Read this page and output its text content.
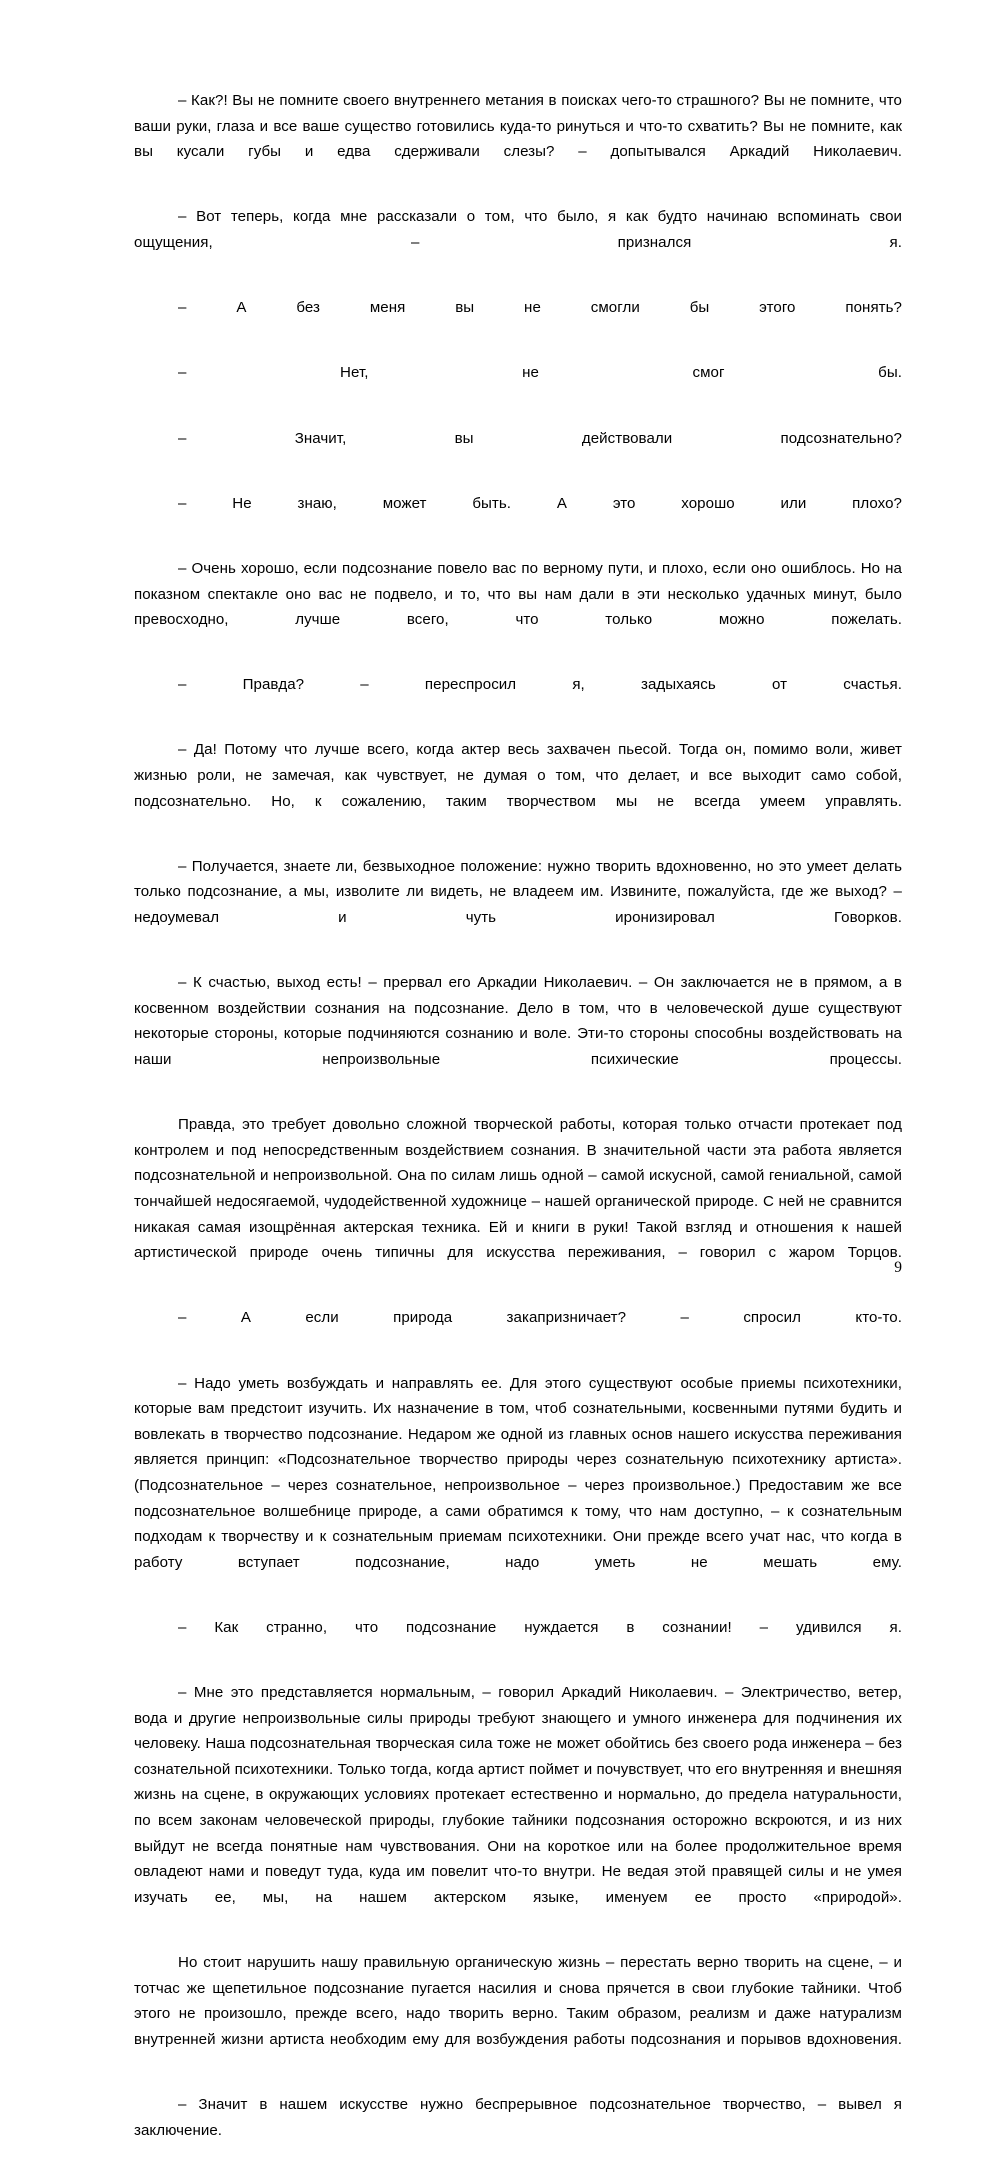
– Как?! Вы не помните своего внутреннего метания в поисках чего-то страшного? Вы не помните, что ваши руки, глаза и все ваше существо готовились куда-то ринуться и что-то схватить? Вы не помните, как вы кусали губы и едва сдерживали слезы? – допытывался Аркадий Николаевич.

– Вот теперь, когда мне рассказали о том, что было, я как будто начинаю вспоминать свои ощущения, – признался я.

– А без меня вы не смогли бы этого понять?

– Нет, не смог бы.

– Значит, вы действовали подсознательно?

– Не знаю, может быть. А это хорошо или плохо?

– Очень хорошо, если подсознание повело вас по верному пути, и плохо, если оно ошиблось. Но на показном спектакле оно вас не подвело, и то, что вы нам дали в эти несколько удачных минут, было превосходно, лучше всего, что только можно пожелать.

– Правда? – переспросил я, задыхаясь от счастья.

– Да! Потому что лучше всего, когда актер весь захвачен пьесой. Тогда он, помимо воли, живет жизнью роли, не замечая, как чувствует, не думая о том, что делает, и все выходит само собой, подсознательно. Но, к сожалению, таким творчеством мы не всегда умеем управлять.

– Получается, знаете ли, безвыходное положение: нужно творить вдохновенно, но это умеет делать только подсознание, а мы, изволите ли видеть, не владеем им. Извините, пожалуйста, где же выход? – недоумевал и чуть иронизировал Говорков.

– К счастью, выход есть! – прервал его Аркадии Николаевич. – Он заключается не в прямом, а в косвенном воздействии сознания на подсознание. Дело в том, что в человеческой душе существуют некоторые стороны, которые подчиняются сознанию и воле. Эти-то стороны способны воздействовать на наши непроизвольные психические процессы.

Правда, это требует довольно сложной творческой работы, которая только отчасти протекает под контролем и под непосредственным воздействием сознания. В значительной части эта работа является подсознательной и непроизвольной. Она по силам лишь одной – самой искусной, самой гениальной, самой тончайшей недосягаемой, чудодейственной художнице – нашей органической природе. С ней не сравнится никакая самая изощрённая актерская техника. Ей и книги в руки! Такой взгляд и отношения к нашей артистической природе очень типичны для искусства переживания, – говорил с жаром Торцов.

– А если природа закапризничает? – спросил кто-то.

– Надо уметь возбуждать и направлять ее. Для этого существуют особые приемы психотехники, которые вам предстоит изучить. Их назначение в том, чтоб сознательными, косвенными путями будить и вовлекать в творчество подсознание. Недаром же одной из главных основ нашего искусства переживания является принцип: «Подсознательное творчество природы через сознательную психотехнику артиста». (Подсознательное – через сознательное, непроизвольное – через произвольное.) Предоставим же все подсознательное волшебнице природе, а сами обратимся к тому, что нам доступно, – к сознательным подходам к творчеству и к сознательным приемам психотехники. Они прежде всего учат нас, что когда в работу вступает подсознание, надо уметь не мешать ему.

– Как странно, что подсознание нуждается в сознании! – удивился я.

– Мне это представляется нормальным, – говорил Аркадий Николаевич. – Электричество, ветер, вода и другие непроизвольные силы природы требуют знающего и умного инженера для подчинения их человеку. Наша подсознательная творческая сила тоже не может обойтись без своего рода инженера – без сознательной психотехники. Только тогда, когда артист поймет и почувствует, что его внутренняя и внешняя жизнь на сцене, в окружающих условиях протекает естественно и нормально, до предела натуральности, по всем законам человеческой природы, глубокие тайники подсознания осторожно вскроются, и из них выйдут не всегда понятные нам чувствования. Они на короткое или на более продолжительное время овладеют нами и поведут туда, куда им повелит что-то внутри. Не ведая этой правящей силы и не умея изучать ее, мы, на нашем актерском языке, именуем ее просто «природой».

Но стоит нарушить нашу правильную органическую жизнь – перестать верно творить на сцене, – и тотчас же щепетильное подсознание пугается насилия и снова прячется в свои глубокие тайники. Чтоб этого не произошло, прежде всего, надо творить верно. Таким образом, реализм и даже натурализм внутренней жизни артиста необходим ему для возбуждения работы подсознания и порывов вдохновения.

– Значит в нашем искусстве нужно беспрерывное подсознательное творчество, – вывел я заключение.

9
